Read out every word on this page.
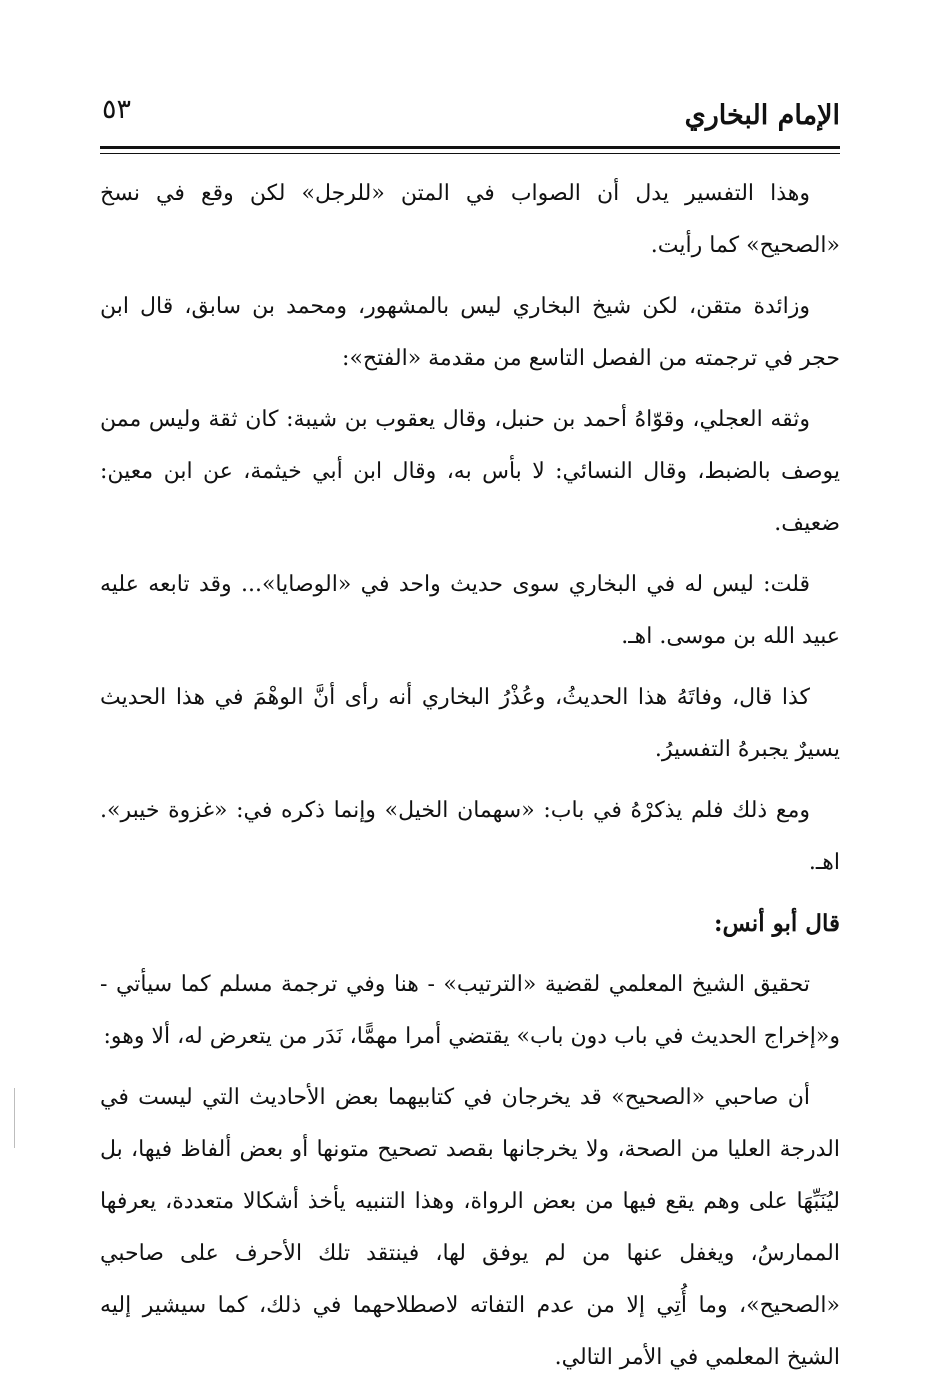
الإمام البخاري
٥٣

وهذا التفسير يدل أن الصواب في المتن «للرجل» لكن وقع في نسخ «الصحيح» كما رأيت.

وزائدة متقن، لكن شيخ البخاري ليس بالمشهور، ومحمد بن سابق، قال ابن حجر في ترجمته من الفصل التاسع من مقدمة «الفتح»:

وثقه العجلي، وقوّاهُ أحمد بن حنبل، وقال يعقوب بن شيبة: كان ثقة وليس ممن يوصف بالضبط، وقال النسائي: لا بأس به، وقال ابن أبي خيثمة، عن ابن معين: ضعيف.

قلت: ليس له في البخاري سوى حديث واحد في «الوصايا»... وقد تابعه عليه عبيد الله بن موسى. اهـ.

كذا قال، وفاتَهُ هذا الحديثُ، وعُذْرُ البخاري أنه رأى أنَّ الوهْمَ في هذا الحديث يسيرٌ يجبرهُ التفسيرُ.

ومع ذلك فلم يذكرْهُ في باب: «سهمان الخيل» وإنما ذكره في: «غزوة خيبر». اهـ.

قال أبو أنس:

تحقيق الشيخ المعلمي لقضية «الترتيب» - هنا وفي ترجمة مسلم كما سيأتي - و«إخراج الحديث في باب دون باب» يقتضي أمرا مهمًّا، نَدَر من يتعرض له، ألا وهو:

أن صاحبي «الصحيح» قد يخرجان في كتابيهما بعض الأحاديث التي ليست في الدرجة العليا من الصحة، ولا يخرجانها بقصد تصحيح متونها أو بعض ألفاظ فيها، بل ليُنَبِّهَا على وهم يقع فيها من بعض الرواة، وهذا التنبيه يأخذ أشكالا متعددة، يعرفها الممارسُ، ويغفل عنها من لم يوفق لها، فينتقد تلك الأحرف على صاحبي «الصحيح»، وما أُتِي إلا من عدم التفاته لاصطلاحهما في ذلك، كما سيشير إليه الشيخ المعلمي في الأمر التالي.
